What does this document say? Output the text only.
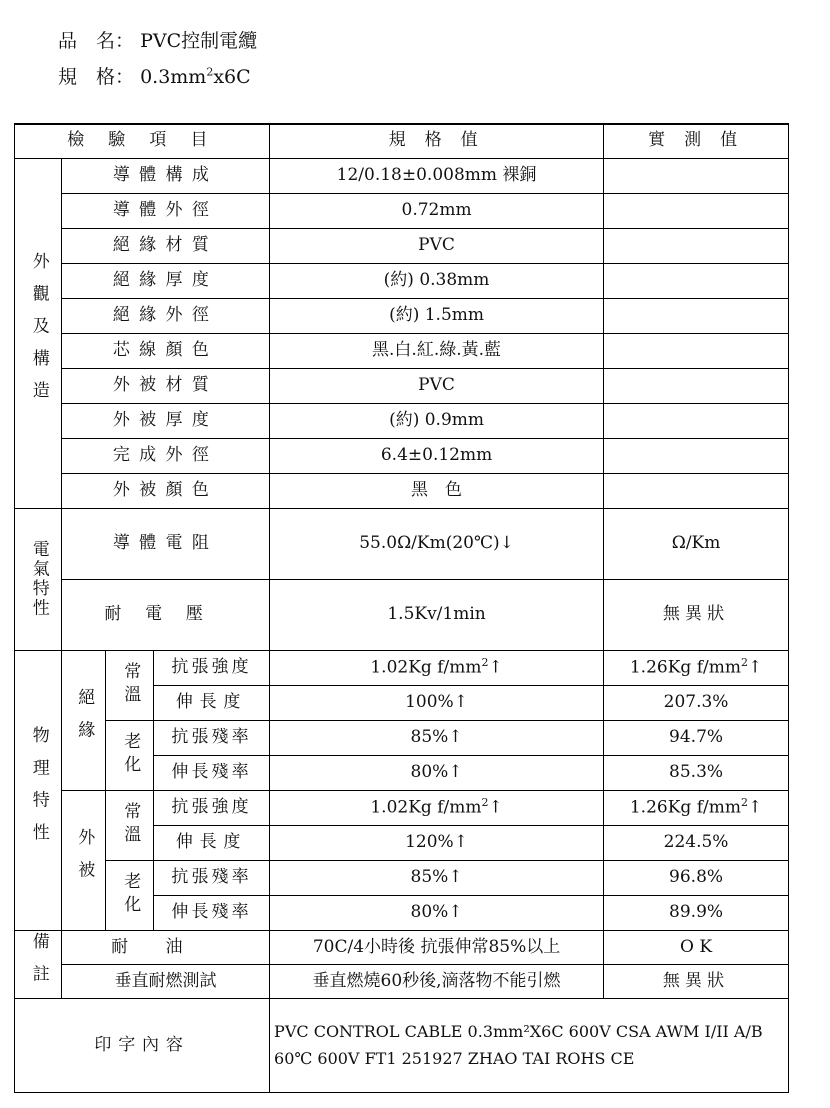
品　名： PVC控制電纜
規　格： $0.3mm^2x6C$
檢 驗 項 目				規 格 值	實 測 值
外觀及構造	導體構成			12/0.18±0.008mm 裸銅	
	導體外徑			0.72mm	
	絕緣材質			PVC	
	絕緣厚度			(約) 0.38mm	
	絕緣外徑			(約) 1.5mm	
	芯線顏色			黑.白.紅.綠.黃.藍	
	外被材質			PVC	
	外被厚度			(約) 0.9mm	
	完成外徑			6.4±0.12mm	
	外被顏色			黑　色	
電氣特性	導體電阻			55.0Ω/Km(20℃)↓	Ω/Km
	耐電壓			1.5Kv/1min	無異狀
物理特性	絕緣	常溫	抗張強度	1.02Kg $f/mm^2↑$	1.26Kg $f/mm^2↑$
			伸長度	100%↑	207.3%
		老化	抗張殘率	85%↑	94.7%
			伸長殘率	80%↑	85.3%
	外被	常溫	抗張強度	1.02Kg $f/mm^2↑$	1.26Kg $f/mm^2↑$
			伸長度	120%↑	224.5%
		老化	抗張殘率	85%↑	96.8%
			伸長殘率	80%↑	89.9%
備註	耐油			70C/4小時後 抗張伸常85%以上	O K
	垂直耐燃測試			垂直燃燒60秒後,滴落物不能引燃	無異狀
印字內容				PVC CONTROL CABLE 0.3mm²X6C 600V CSA AWM I/II A/B
60℃ 600V FT1 251927 ZHAO TAI ROHS CE	
